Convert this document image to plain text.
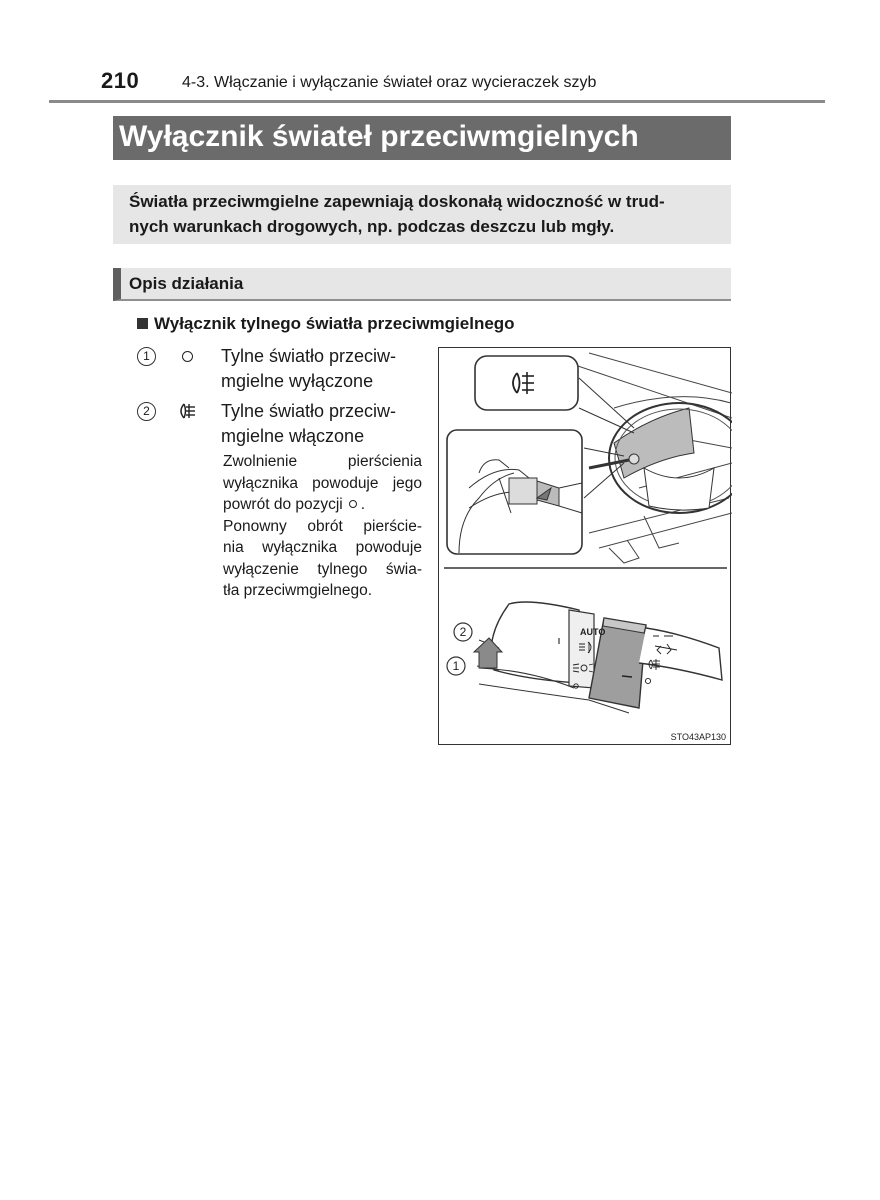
210	4-3. Włączanie i wyłączanie świateł oraz wycieraczek szyb
Wyłącznik świateł przeciwmgielnych
Światła przeciwmgielne zapewniają doskonałą widoczność w trud-
nych warunkach drogowych, np. podczas deszczu lub mgły.
Opis działania
Wyłącznik tylnego światła przeciwmgielnego
1	Tylne światło przeciw-
mgielne wyłączone
2	Tylne światło przeciw-
mgielne włączone
Zwolnienie pierścienia
wyłącznika powoduje jego
powrót do pozycji .
Ponowny obrót pierście-
nia wyłącznika powoduje
wyłączenie tylnego świa-
tła przeciwmgielnego.
AUTO
2
1
STO43AP130
